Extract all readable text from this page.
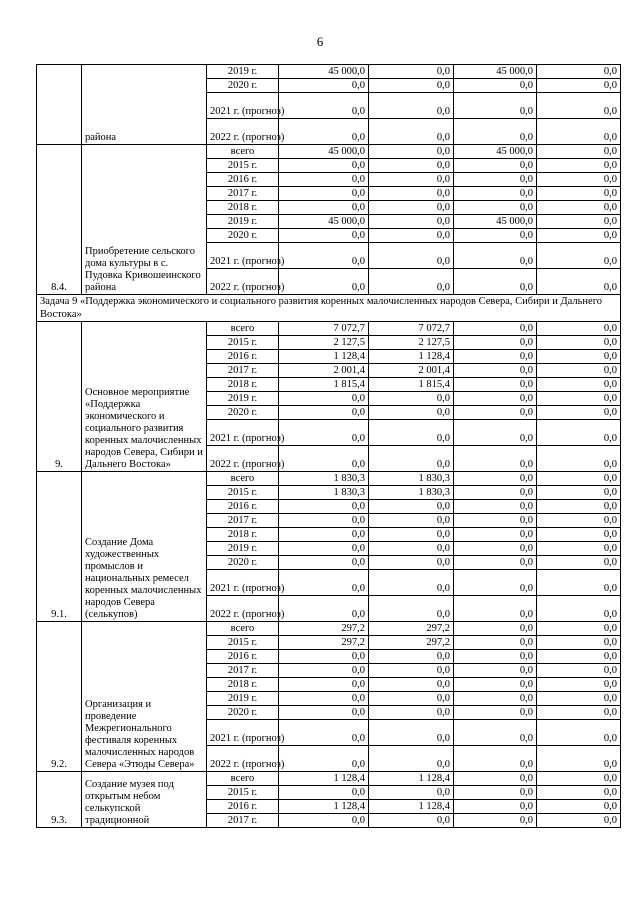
6
	района	2019 г.	45 000,0	0,0	45 000,0	0,0
		2020 г.	0,0	0,0	0,0	0,0
		2021 г. (прогноз)	0,0	0,0	0,0	0,0
		2022 г. (прогноз)	0,0	0,0	0,0	0,0
8.4.	Приобретение сельского дома культуры в с. Пудовка Кривошеинского района	всего	45 000,0	0,0	45 000,0	0,0
		2015 г.	0,0	0,0	0,0	0,0
		2016 г.	0,0	0,0	0,0	0,0
		2017 г.	0,0	0,0	0,0	0,0
		2018 г.	0,0	0,0	0,0	0,0
		2019 г.	45 000,0	0,0	45 000,0	0,0
		2020 г.	0,0	0,0	0,0	0,0
		2021 г. (прогноз)	0,0	0,0	0,0	0,0
		2022 г. (прогноз)	0,0	0,0	0,0	0,0
Задача 9 «Поддержка экономического и социального развития коренных малочисленных народов Севера, Сибири и Дальнего Востока»						
9.	Основное мероприятие «Поддержка экономического и социального развития коренных малочисленных народов Севера, Сибири и Дальнего Востока»	всего	7 072,7	7 072,7	0,0	0,0
		2015 г.	2 127,5	2 127,5	0,0	0,0
		2016 г.	1 128,4	1 128,4	0,0	0,0
		2017 г.	2 001,4	2 001,4	0,0	0,0
		2018 г.	1 815,4	1 815,4	0,0	0,0
		2019 г.	0,0	0,0	0,0	0,0
		2020 г.	0,0	0,0	0,0	0,0
		2021 г. (прогноз)	0,0	0,0	0,0	0,0
		2022 г. (прогноз)	0,0	0,0	0,0	0,0
9.1.	Создание Дома художественных промыслов и национальных ремесел коренных малочисленных народов Севера (селькупов)	всего	1 830,3	1 830,3	0,0	0,0
		2015 г.	1 830,3	1 830,3	0,0	0,0
		2016 г.	0,0	0,0	0,0	0,0
		2017 г.	0,0	0,0	0,0	0,0
		2018 г.	0,0	0,0	0,0	0,0
		2019 г.	0,0	0,0	0,0	0,0
		2020 г.	0,0	0,0	0,0	0,0
		2021 г. (прогноз)	0,0	0,0	0,0	0,0
		2022 г. (прогноз)	0,0	0,0	0,0	0,0
9.2.	Организация и проведение Межрегионального фестиваля коренных малочисленных народов Севера «Этюды Севера»	всего	297,2	297,2	0,0	0,0
		2015 г.	297,2	297,2	0,0	0,0
		2016 г.	0,0	0,0	0,0	0,0
		2017 г.	0,0	0,0	0,0	0,0
		2018 г.	0,0	0,0	0,0	0,0
		2019 г.	0,0	0,0	0,0	0,0
		2020 г.	0,0	0,0	0,0	0,0
		2021 г. (прогноз)	0,0	0,0	0,0	0,0
		2022 г. (прогноз)	0,0	0,0	0,0	0,0
9.3.	Создание музея под открытым небом селькупской традиционной	всего	1 128,4	1 128,4	0,0	0,0
		2015 г.	0,0	0,0	0,0	0,0
		2016 г.	1 128,4	1 128,4	0,0	0,0
		2017 г.	0,0	0,0	0,0	0,0
